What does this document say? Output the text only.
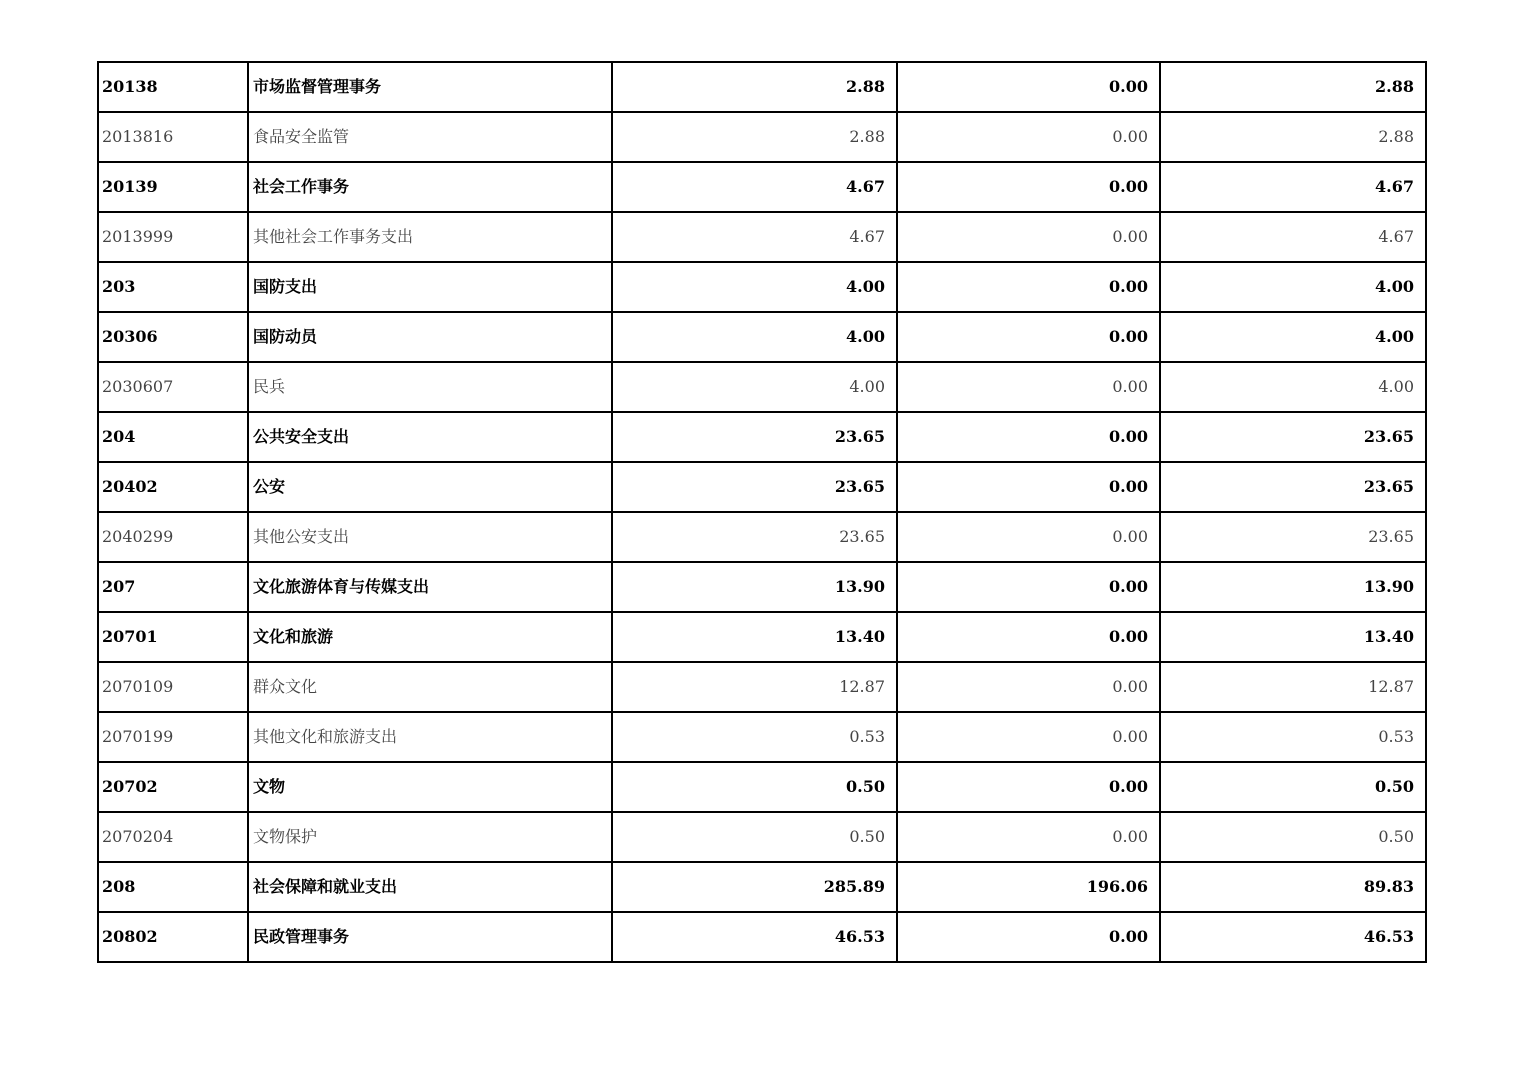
20138	市场监督管理事务	2.88	0.00	2.88
2013816	食品安全监管	2.88	0.00	2.88
20139	社会工作事务	4.67	0.00	4.67
2013999	其他社会工作事务支出	4.67	0.00	4.67
203	国防支出	4.00	0.00	4.00
20306	国防动员	4.00	0.00	4.00
2030607	民兵	4.00	0.00	4.00
204	公共安全支出	23.65	0.00	23.65
20402	公安	23.65	0.00	23.65
2040299	其他公安支出	23.65	0.00	23.65
207	文化旅游体育与传媒支出	13.90	0.00	13.90
20701	文化和旅游	13.40	0.00	13.40
2070109	群众文化	12.87	0.00	12.87
2070199	其他文化和旅游支出	0.53	0.00	0.53
20702	文物	0.50	0.00	0.50
2070204	文物保护	0.50	0.00	0.50
208	社会保障和就业支出	285.89	196.06	89.83
20802	民政管理事务	46.53	0.00	46.53
